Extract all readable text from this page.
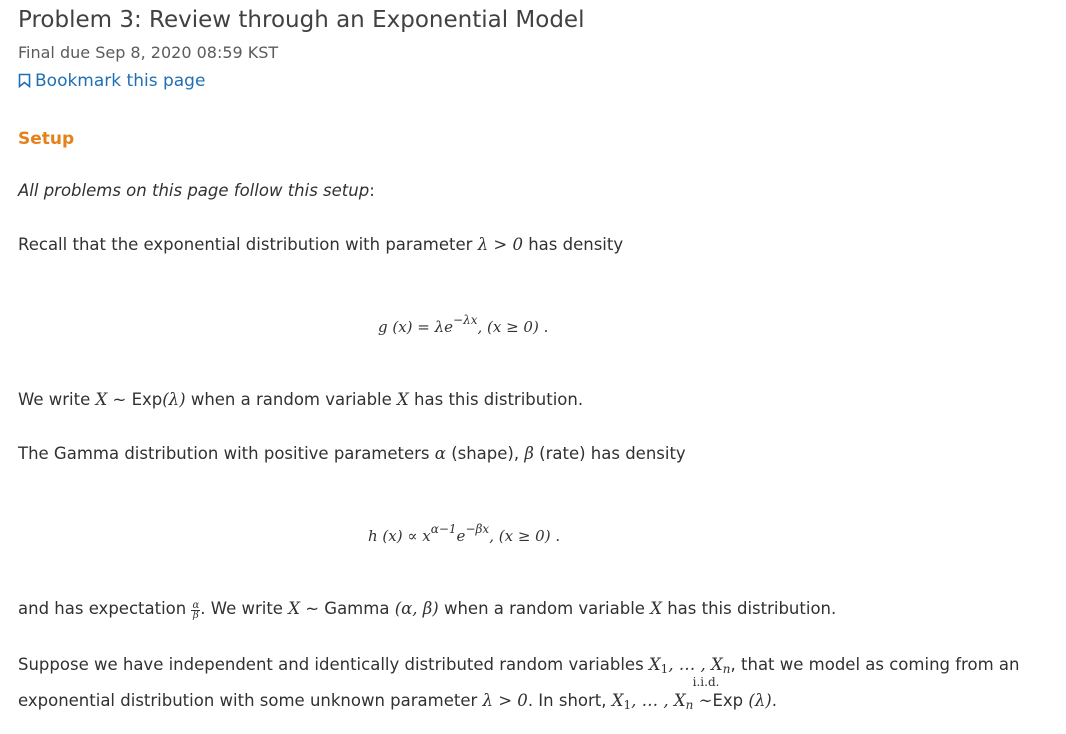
Problem 3: Review through an Exponential Model
Final due Sep 8, 2020 08:59 KST
Bookmark this page
Setup
All problems on this page follow this setup:
Recall that the exponential distribution with parameter λ > 0 has density
g $(x) = \lambda e^{-\lambda x}$, (x ≥ 0) .
We write X ∼ Exp(λ) when a random variable X has this distribution.
The Gamma distribution with positive parameters α (shape), β (rate) has density
h $(x) \propto x^{\alpha-1}e^{-\beta x}$, (x ≥ 0) .
and has expectation $\frac{\alpha}{\beta}$ . We write X ∼ Gamma (α, β) when a random variable X has this distribution.
Suppose we have independent and identically distributed random variables $X_1$, … , $X_n$, that we model as coming from an
exponential distribution with some unknown parameter λ > 0. In short, $X_1$, … , $X_n$
i.i.d.
∼Exp (λ).
